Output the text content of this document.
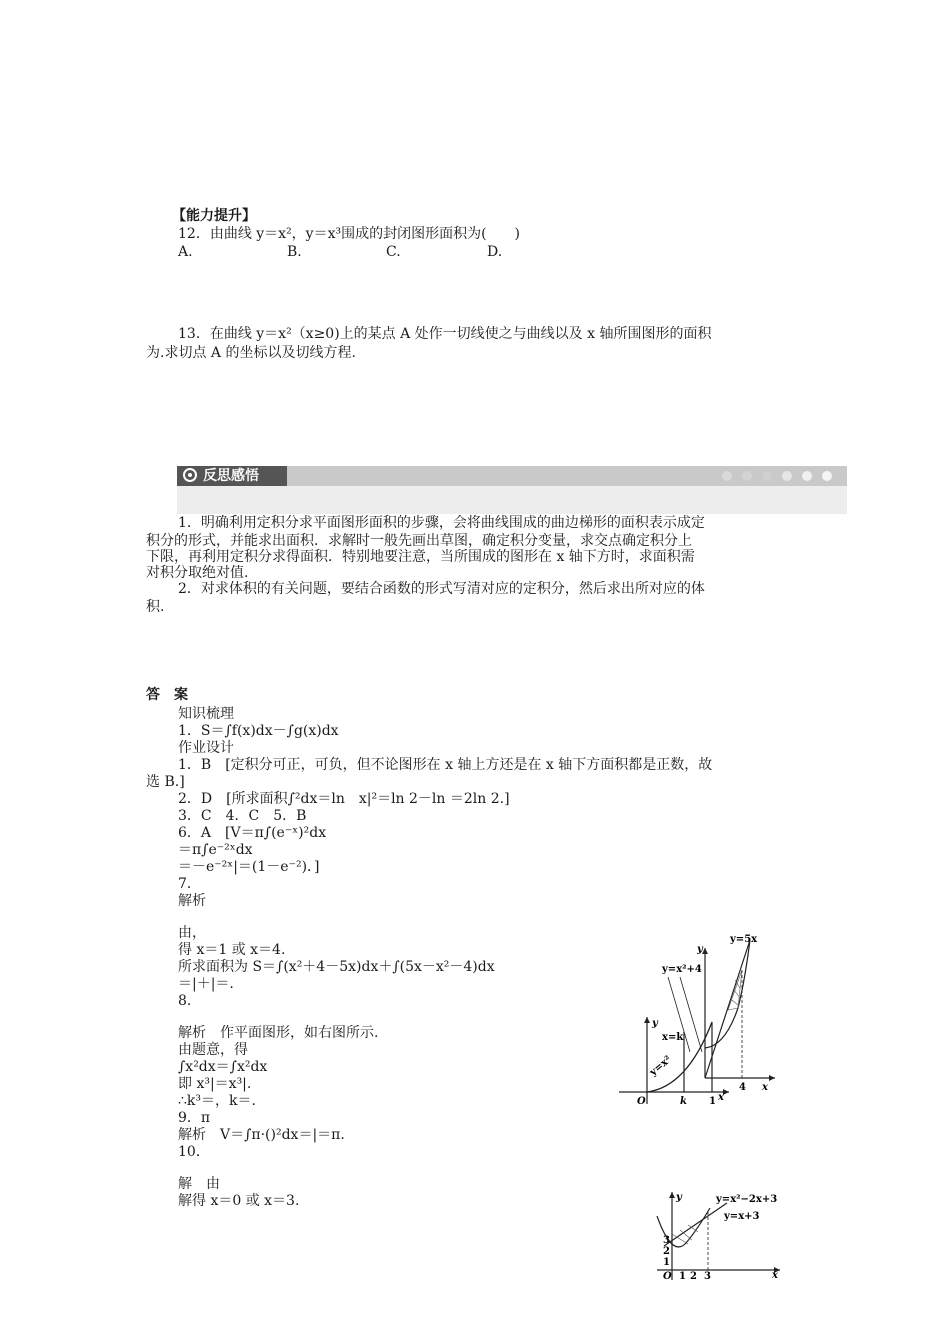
【能力提升】
12．由曲线 y＝x²，y＝x³围成的封闭图形面积为(　　)
A.	B.	C.	D.
13．在曲线 y＝x²（x≥0)上的某点 A 处作一切线使之与曲线以及 x 轴所围图形的面积
为.求切点 A 的坐标以及切线方程.
反思感悟
1．明确利用定积分求平面图形面积的步骤，会将曲线围成的曲边梯形的面积表示成定
积分的形式，并能求出面积．求解时一般先画出草图，确定积分变量，求交点确定积分上
下限，再利用定积分求得面积．特别地要注意，当所围成的图形在 x 轴下方时，求面积需
对积分取绝对值.
2．对求体积的有关问题，要结合函数的形式写清对应的定积分，然后求出所对应的体
积.
答　案
知识梳理
1．S＝∫f(x)dx－∫g(x)dx
作业设计
1．B　[定积分可正，可负，但不论图形在 x 轴上方还是在 x 轴下方面积都是正数，故
选 B.]
2．D　[所求面积∫²dx＝ln　x|²＝ln 2－ln ＝2ln 2.]
3．C　4．C　5．B
6．A　[V＝π∫(e⁻ˣ)²dx
＝π∫e⁻²ˣdx
＝－e⁻²ˣ|＝(1－e⁻²)．]
7．
解析
由，
得 x＝1 或 x＝4.
所求面积为 S＝∫(x²＋4－5x)dx＋∫(5x－x²－4)dx
＝|＋|＝.
8．
解析　作平面图形，如右图所示.
由题意，得
∫x²dx＝∫x²dx
即 x³|＝x³|.
∴k³＝，k＝.
9．π
解析　V＝∫π·()²dx＝|＝π.
10．
解　由
解得 x＝0 或 x＝3.
y=5x
y
y=x²+4
4 x
y
x=k
y=x²
O	k 1 x
y	y=x²−2x+3
y=x+3
3
2
1
O 1 2 3	x
